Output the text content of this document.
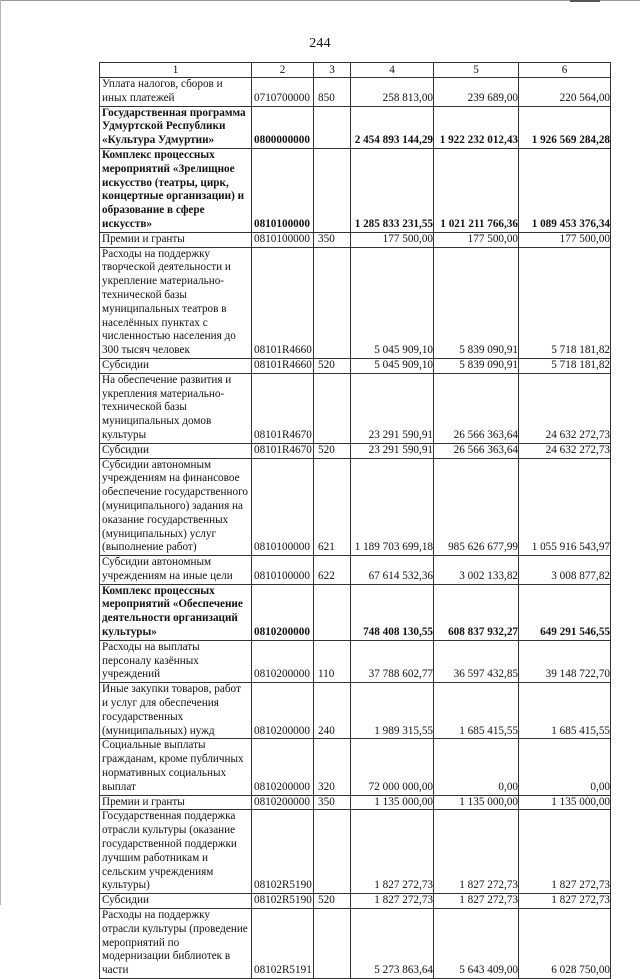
244
1	2	3	4	5	6
Уплата налогов, сборов и иных платежей	0710700000	850	258 813,00	239 689,00	220 564,00
Государственная программа Удмуртской Республики «Культура Удмуртии»	0800000000		2 454 893 144,29	1 922 232 012,43	1 926 569 284,28
Комплекс процессных мероприятий «Зрелищное искусство (театры, цирк, концертные организации) и образование в сфере искусств»	0810100000		1 285 833 231,55	1 021 211 766,36	1 089 453 376,34
Премии и гранты	0810100000	350	177 500,00	177 500,00	177 500,00
Расходы на поддержку творческой деятельности и укрепление материально-технической базы муниципальных театров в населённых пунктах с численностью населения до 300 тысяч человек	08101R4660		5 045 909,10	5 839 090,91	5 718 181,82
Субсидии	08101R4660	520	5 045 909,10	5 839 090,91	5 718 181,82
На обеспечение развития и укрепления материально-технической базы муниципальных домов культуры	08101R4670		23 291 590,91	26 566 363,64	24 632 272,73
Субсидии	08101R4670	520	23 291 590,91	26 566 363,64	24 632 272,73
Субсидии автономным учреждениям на финансовое обеспечение государственного (муниципального) задания на оказание государственных (муниципальных) услуг (выполнение работ)	0810100000	621	1 189 703 699,18	985 626 677,99	1 055 916 543,97
Субсидии автономным учреждениям на иные цели	0810100000	622	67 614 532,36	3 002 133,82	3 008 877,82
Комплекс процессных мероприятий «Обеспечение деятельности организаций культуры»	0810200000		748 408 130,55	608 837 932,27	649 291 546,55
Расходы на выплаты персоналу казённых учреждений	0810200000	110	37 788 602,77	36 597 432,85	39 148 722,70
Иные закупки товаров, работ и услуг для обеспечения государственных (муниципальных) нужд	0810200000	240	1 989 315,55	1 685 415,55	1 685 415,55
Социальные выплаты гражданам, кроме публичных нормативных социальных выплат	0810200000	320	72 000 000,00	0,00	0,00
Премии и гранты	0810200000	350	1 135 000,00	1 135 000,00	1 135 000,00
Государственная поддержка отрасли культуры (оказание государственной поддержки лучшим работникам и сельским учреждениям культуры)	08102R5190		1 827 272,73	1 827 272,73	1 827 272,73
Субсидии	08102R5190	520	1 827 272,73	1 827 272,73	1 827 272,73
Расходы на поддержку отрасли культуры (проведение мероприятий по модернизации библиотек в части	08102R5191		5 273 863,64	5 643 409,00	6 028 750,00
